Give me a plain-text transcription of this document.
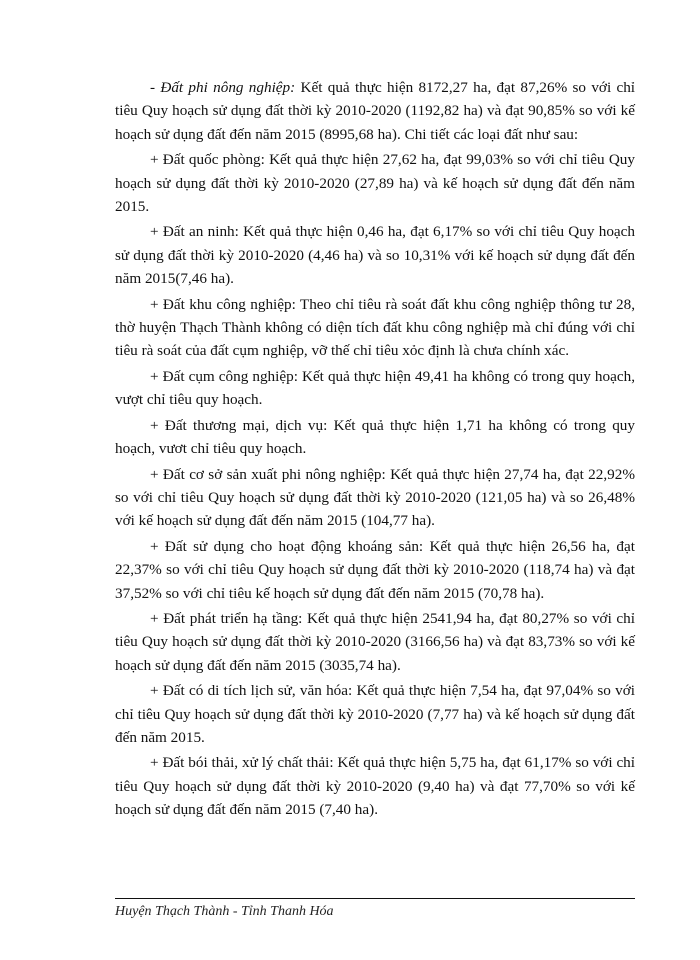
- Đất phi nông nghiệp: Kết quả thực hiện 8172,27 ha, đạt 87,26% so với chỉ tiêu Quy hoạch sử dụng đất thời kỳ 2010-2020 (1192,82 ha) và đạt 90,85% so với kế hoạch sử dụng đất đến năm 2015 (8995,68 ha). Chi tiết các loại đất như sau:

+ Đất quốc phòng: Kết quả thực hiện 27,62 ha, đạt 99,03% so với chỉ tiêu Quy hoạch sử dụng đất thời kỳ 2010-2020 (27,89 ha) và kế hoạch sử dụng đất đến năm 2015.

+ Đất an ninh: Kết quả thực hiện 0,46 ha, đạt 6,17% so với chỉ tiêu Quy hoạch sử dụng đất thời kỳ 2010-2020 (4,46 ha) và so 10,31% với kế hoạch sử dụng đất đến năm 2015(7,46 ha).

+ Đất khu công nghiệp: Theo chỉ tiêu rà soát đất khu công nghiệp thông tư 28, thờ huyện Thạch Thành không có diện tích đất khu công nghiệp mà chỉ đúng với chỉ tiêu rà soát của đất cụm nghiệp, vỡ thế chỉ tiêu xỏc định là chưa chính xác.

+ Đất cụm công nghiệp: Kết quả thực hiện 49,41 ha không có trong quy hoạch, vượt chỉ tiêu quy hoạch.

+ Đất thương mại, dịch vụ: Kết quả thực hiện 1,71 ha không có trong quy hoạch, vươt chỉ tiêu quy hoạch.

+ Đất cơ sở sản xuất phi nông nghiệp: Kết quả thực hiện 27,74 ha, đạt 22,92% so với chỉ tiêu Quy hoạch sử dụng đất thời kỳ 2010-2020 (121,05 ha) và so 26,48% với kế hoạch sử dụng đất đến năm 2015 (104,77 ha).

+ Đất sử dụng cho hoạt động khoáng sản: Kết quả thực hiện 26,56 ha, đạt 22,37% so với chỉ tiêu Quy hoạch sử dụng đất thời kỳ 2010-2020 (118,74 ha) và đạt 37,52% so với chỉ tiêu kế hoạch sử dụng đất đến năm 2015 (70,78 ha).

+ Đất phát triển hạ tầng: Kết quả thực hiện 2541,94 ha, đạt 80,27% so với chỉ tiêu Quy hoạch sử dụng đất thời kỳ 2010-2020 (3166,56 ha) và đạt 83,73% so với kế hoạch sử dụng đất đến năm 2015 (3035,74 ha).

+ Đất có di tích lịch sử, văn hóa: Kết quả thực hiện 7,54 ha, đạt 97,04% so với chỉ tiêu Quy hoạch sử dụng đất thời kỳ 2010-2020 (7,77 ha) và kế hoạch sử dụng đất đến năm 2015.

+ Đất bói thải, xử lý chất thải: Kết quả thực hiện 5,75 ha, đạt 61,17% so với chỉ tiêu Quy hoạch sử dụng đất thời kỳ 2010-2020 (9,40 ha) và đạt 77,70% so với kế hoạch sử dụng đất đến năm 2015 (7,40 ha).

Huyện Thạch Thành - Tỉnh Thanh Hóa
